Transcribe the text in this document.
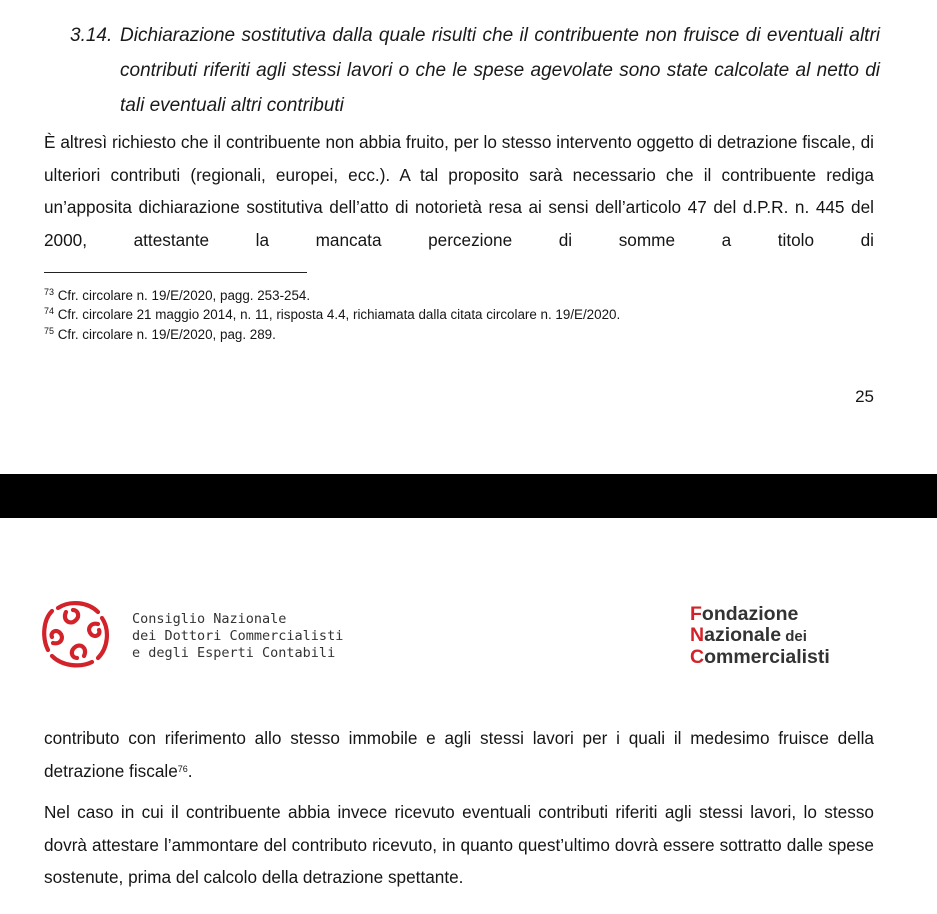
3.14. Dichiarazione sostitutiva dalla quale risulti che il contribuente non fruisce di eventuali altri contributi riferiti agli stessi lavori o che le spese agevolate sono state calcolate al netto di tali eventuali altri contributi
È altresì richiesto che il contribuente non abbia fruito, per lo stesso intervento oggetto di detrazione fiscale, di ulteriori contributi (regionali, europei, ecc.). A tal proposito sarà necessario che il contribuente rediga un’apposita dichiarazione sostitutiva dell’atto di notorietà resa ai sensi dell’articolo 47 del d.P.R. n. 445 del 2000, attestante la mancata percezione di somme a titolo di
$^{73}$ Cfr. circolare n. 19/E/2020, pagg. 253-254.
$^{74}$ Cfr. circolare 21 maggio 2014, n. 11, risposta 4.4, richiamata dalla citata circolare n. 19/E/2020.
$^{75}$ Cfr. circolare n. 19/E/2020, pag. 289.
25
Consiglio Nazionale
dei Dottori Commercialisti
e degli Esperti Contabili
Fondazione
Nazionale dei
Commercialisti
contributo con riferimento allo stesso immobile e agli stessi lavori per i quali il medesimo fruisce della detrazione fiscale$^{76}$.
Nel caso in cui il contribuente abbia invece ricevuto eventuali contributi riferiti agli stessi lavori, lo stesso dovrà attestare l’ammontare del contributo ricevuto, in quanto quest’ultimo dovrà essere sottratto dalle spese sostenute, prima del calcolo della detrazione spettante.
